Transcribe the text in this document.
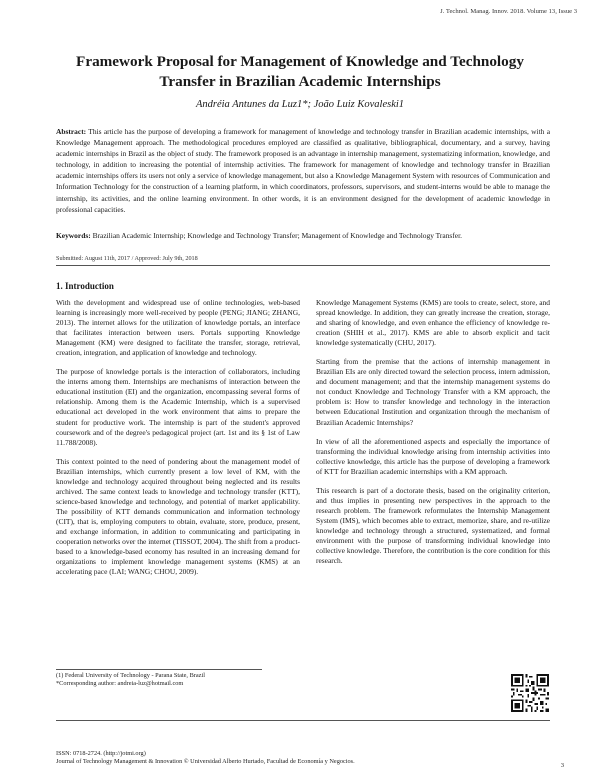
J. Technol. Manag. Innov. 2018. Volume 13, Issue 3
Framework Proposal for Management of Knowledge and Technology
Transfer in Brazilian Academic Internships
Andréia Antunes da Luz1*; João Luiz Kovaleski1
Abstract: This article has the purpose of developing a framework for management of knowledge and technology transfer in Brazilian academic internships, with a Knowledge Management approach. The methodological procedures employed are classified as qualitative, bibliographical, documentary, and a survey, having academic internships in Brazil as the object of study. The framework proposed is an advantage in internship management, systematizing information, knowledge, and technology, in addition to increasing the potential of internship activities. The framework for management of knowledge and technology transfer in Brazilian academic internships offers its users not only a service of knowledge management, but also a Knowledge Management System with resources of Communication and Information Technology for the construction of a learning platform, in which coordinators, professors, supervisors, and student-interns would be able to manage the internship, its activities, and the online learning environment. In other words, it is an environment designed for the development of academic knowledge in professional capacities.
Keywords: Brazilian Academic Internship; Knowledge and Technology Transfer; Management of Knowledge and Technology Transfer.
Submitted: August 11th, 2017 / Approved: July 9th, 2018
1. Introduction

With the development and widespread use of online technologies, web-based learning is increasingly more well-received by people (PENG; JIANG; ZHANG, 2013). The internet allows for the utilization of knowledge portals, an interface that facilitates interaction between users. Portals supporting Knowledge Management (KM) were designed to facilitate the transfer, storage, retrieval, creation, integration, and application of knowledge and technology.

The purpose of knowledge portals is the interaction of collaborators, including the interns among them. Internships are mechanisms of interaction between the educational institution (EI) and the organization, encompassing several forms of relationship. Among them is the Academic Internship, which is a supervised educational act developed in the work environment that aims to prepare the student for productive work. The internship is part of the student's approved coursework and of the degree's pedagogical project (art. 1st and its § 1st of Law 11.788/2008).

This context pointed to the need of pondering about the management model of Brazilian internships, which currently present a low level of KM, with the knowledge and technology acquired throughout being neglected and its results archived. The same context leads to knowledge and technology transfer (KTT), science-based knowledge and technology, and potential of market applicability. The possibility of KTT demands communication and information technology (CIT), that is, employing computers to obtain, evaluate, store, produce, present, and exchange information, in addition to communicating and participating in cooperation networks over the internet (TISSOT, 2004). The shift from a product-based to a knowledge-based economy has resulted in an increasing demand for organizations to implement knowledge management systems (KMS) at an accelerating pace (LAI; WANG; CHOU, 2009).

Knowledge Management Systems (KMS) are tools to create, select, store, and spread knowledge. In addition, they can greatly increase the creation, storage, and sharing of knowledge, and even enhance the efficiency of knowledge re-creation (SHIH et al., 2017). KMS are able to absorb explicit and tacit knowledge systematically (CHU, 2017).

Starting from the premise that the actions of internship management in Brazilian EIs are only directed toward the selection process, intern admission, and document management; and that the internship management systems do not conduct Knowledge and Technology Transfer with a KM approach, the problem is: How to transfer knowledge and technology in the interaction between Educational Institution and organization through the mechanism of Brazilian Academic Internships?

In view of all the aforementioned aspects and especially the importance of transforming the individual knowledge arising from internship activities into collective knowledge, this article has the purpose of developing a framework of KTT for Brazilian academic internships with a KM approach.

This research is part of a doctorate thesis, based on the originality criterion, and thus implies in presenting new perspectives in the approach to the research problem. The framework reformulates the Internship Management System (IMS), which becomes able to extract, memorize, share, and re-utilize knowledge and technology through a structured, systematized, and formal environment with the purpose of transforming individual knowledge into collective knowledge. Therefore, the contribution is the core condition for this research.

(1) Federal University of Technology - Parana State, Brazil
*Corresponding author: andreia-luz@hotmail.com
ISSN: 0718-2724. (http://jotmi.org)
Journal of Technology Management & Innovation © Universidad Alberto Hurtado, Facultad de Economía y Negocios.
3
